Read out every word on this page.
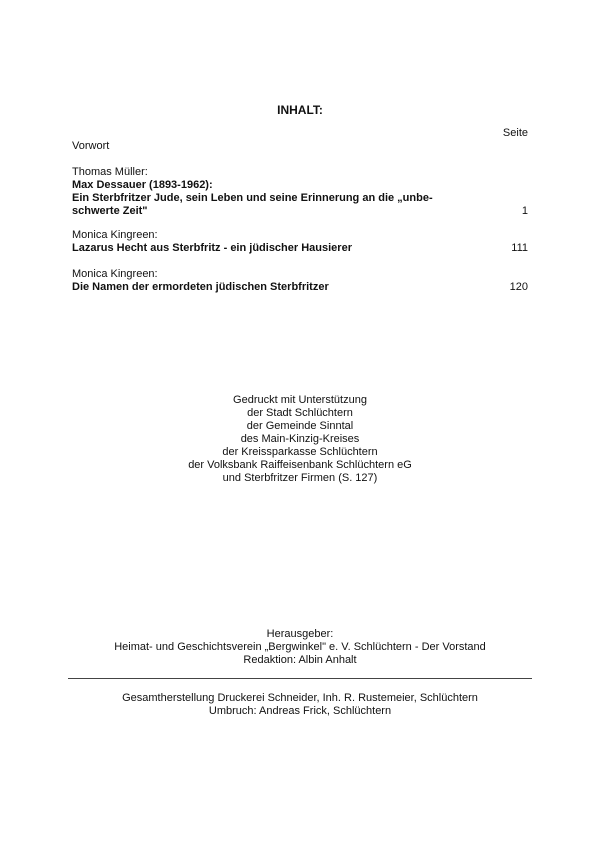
INHALT:
Seite
Vorwort
Thomas Müller:
Max Dessauer (1893-1962):
Ein Sterbfritzer Jude, sein Leben und seine Erinnerung an die „unbe-
schwerte Zeit"	1
Monica Kingreen:
Lazarus Hecht aus Sterbfritz - ein jüdischer Hausierer	111
Monica Kingreen:
Die Namen der ermordeten jüdischen Sterbfritzer	120
Gedruckt mit Unterstützung
der Stadt Schlüchtern
der Gemeinde Sinntal
des Main-Kinzig-Kreises
der Kreissparkasse Schlüchtern
der Volksbank Raiffeisenbank Schlüchtern eG
und Sterbfritzer Firmen (S. 127)
Herausgeber:
Heimat- und Geschichtsverein „Bergwinkel" e. V. Schlüchtern - Der Vorstand
Redaktion: Albin Anhalt
Gesamtherstellung Druckerei Schneider, Inh. R. Rustemeier, Schlüchtern
Umbruch: Andreas Frick, Schlüchtern
